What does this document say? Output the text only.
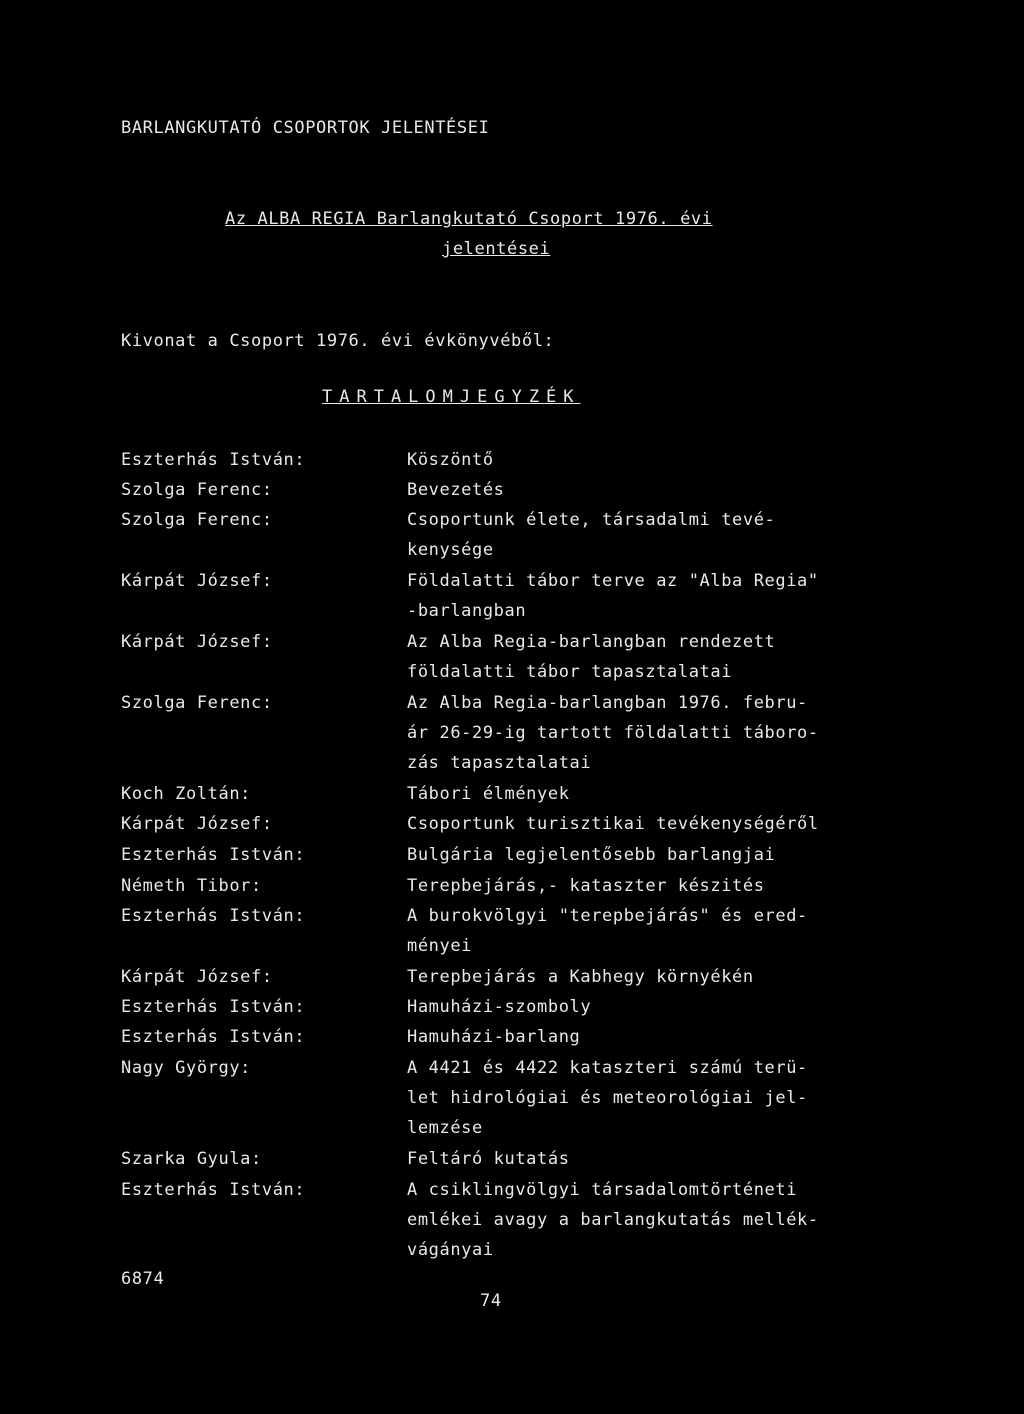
BARLANGKUTATÓ CSOPORTOK JELENTÉSEI
Az ALBA REGIA Barlangkutató Csoport 1976. évi
jelentései
Kivonat a Csoport 1976. évi évkönyvéből:
TARTALOMJEGYZÉK
Eszterhás István:	Köszöntő
Szolga Ferenc:	Bevezetés
Szolga Ferenc:	Csoportunk élete, társadalmi tevé-
kenysége
Kárpát József:	Földalatti tábor terve az "Alba Regia"
-barlangban
Kárpát József:	Az Alba Regia-barlangban rendezett
földalatti tábor tapasztalatai
Szolga Ferenc:	Az Alba Regia-barlangban 1976. febru-
ár 26-29-ig tartott földalatti táboro-
zás tapasztalatai
Koch Zoltán:	Tábori élmények
Kárpát József:	Csoportunk turisztikai tevékenységéről
Eszterhás István:	Bulgária legjelentősebb barlangjai
Németh Tibor:	Terepbejárás,- kataszter készités
Eszterhás István:	A burokvölgyi "terepbejárás" és ered-
ményei
Kárpát József:	Terepbejárás a Kabhegy környékén
Eszterhás István:	Hamuházi-szomboly
Eszterhás István:	Hamuházi-barlang
Nagy György:	A 4421 és 4422 kataszteri számú terü-
let hidrológiai és meteorológiai jel-
lemzése
Szarka Gyula:	Feltáró kutatás
Eszterhás István:	A csiklingvölgyi társadalomtörténeti
emlékei avagy a barlangkutatás mellék-
vágányai
6874
74
